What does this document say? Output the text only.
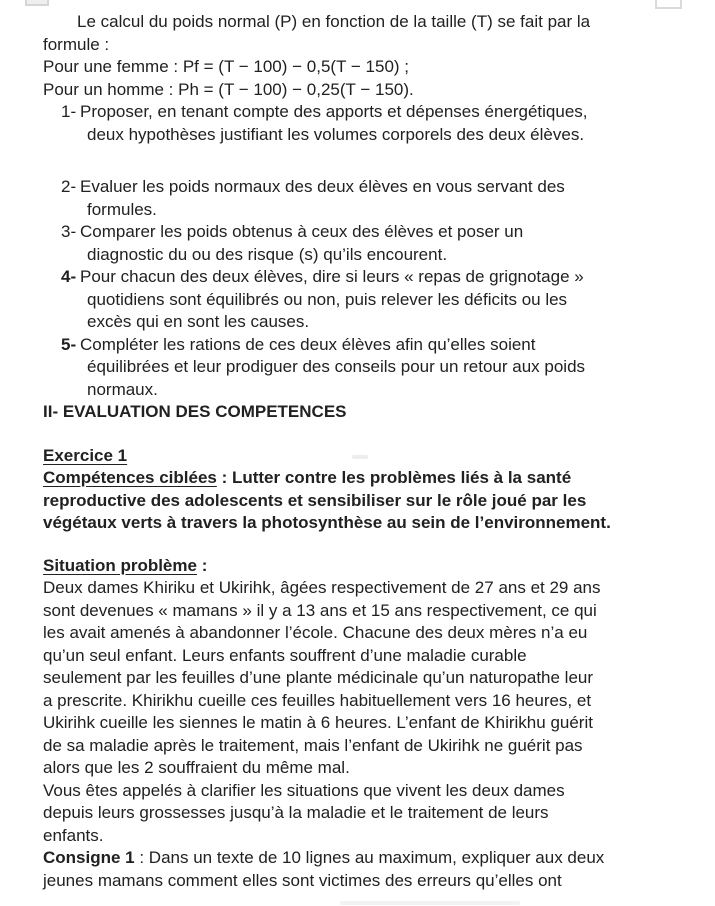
Le calcul du poids normal (P) en fonction de la taille (T) se fait par la
formule :
Pour une femme : Pf = (T − 100) − 0,5(T − 150) ;
Pour un homme : Ph = (T − 100) − 0,25(T − 150).
1- Proposer, en tenant compte des apports et dépenses énergétiques,
deux hypothèses justifiant les volumes corporels des deux élèves.
2- Evaluer les poids normaux des deux élèves en vous servant des
formules.
3- Comparer les poids obtenus à ceux des élèves et poser un
diagnostic du ou des risque (s) qu’ils encourent.
4- Pour chacun des deux élèves, dire si leurs « repas de grignotage »
quotidiens sont équilibrés ou non, puis relever les déficits ou les
excès qui en sont les causes.
5- Compléter les rations de ces deux élèves afin qu’elles soient
équilibrées et leur prodiguer des conseils pour un retour aux poids
normaux.
II- EVALUATION DES COMPETENCES
Exercice 1
Compétences ciblées : Lutter contre les problèmes liés à la santé
reproductive des adolescents et sensibiliser sur le rôle joué par les
végétaux verts à travers la photosynthèse au sein de l’environnement.
Situation problème :
Deux dames Khiriku et Ukirihk, âgées respectivement de 27 ans et 29 ans
sont devenues « mamans » il y a 13 ans et 15 ans respectivement, ce qui
les avait amenés à abandonner l’école. Chacune des deux mères n’a eu
qu’un seul enfant. Leurs enfants souffrent d’une maladie curable
seulement par les feuilles d’une plante médicinale qu’un naturopathe leur
a prescrite. Khirikhu cueille ces feuilles habituellement vers 16 heures, et
Ukirihk cueille les siennes le matin à 6 heures. L’enfant de Khirikhu guérit
de sa maladie après le traitement, mais l’enfant de Ukirihk ne guérit pas
alors que les 2 souffraient du même mal.
Vous êtes appelés à clarifier les situations que vivent les deux dames
depuis leurs grossesses jusqu’à la maladie et le traitement de leurs
enfants.
Consigne 1 : Dans un texte de 10 lignes au maximum, expliquer aux deux
jeunes mamans comment elles sont victimes des erreurs qu’elles ont
